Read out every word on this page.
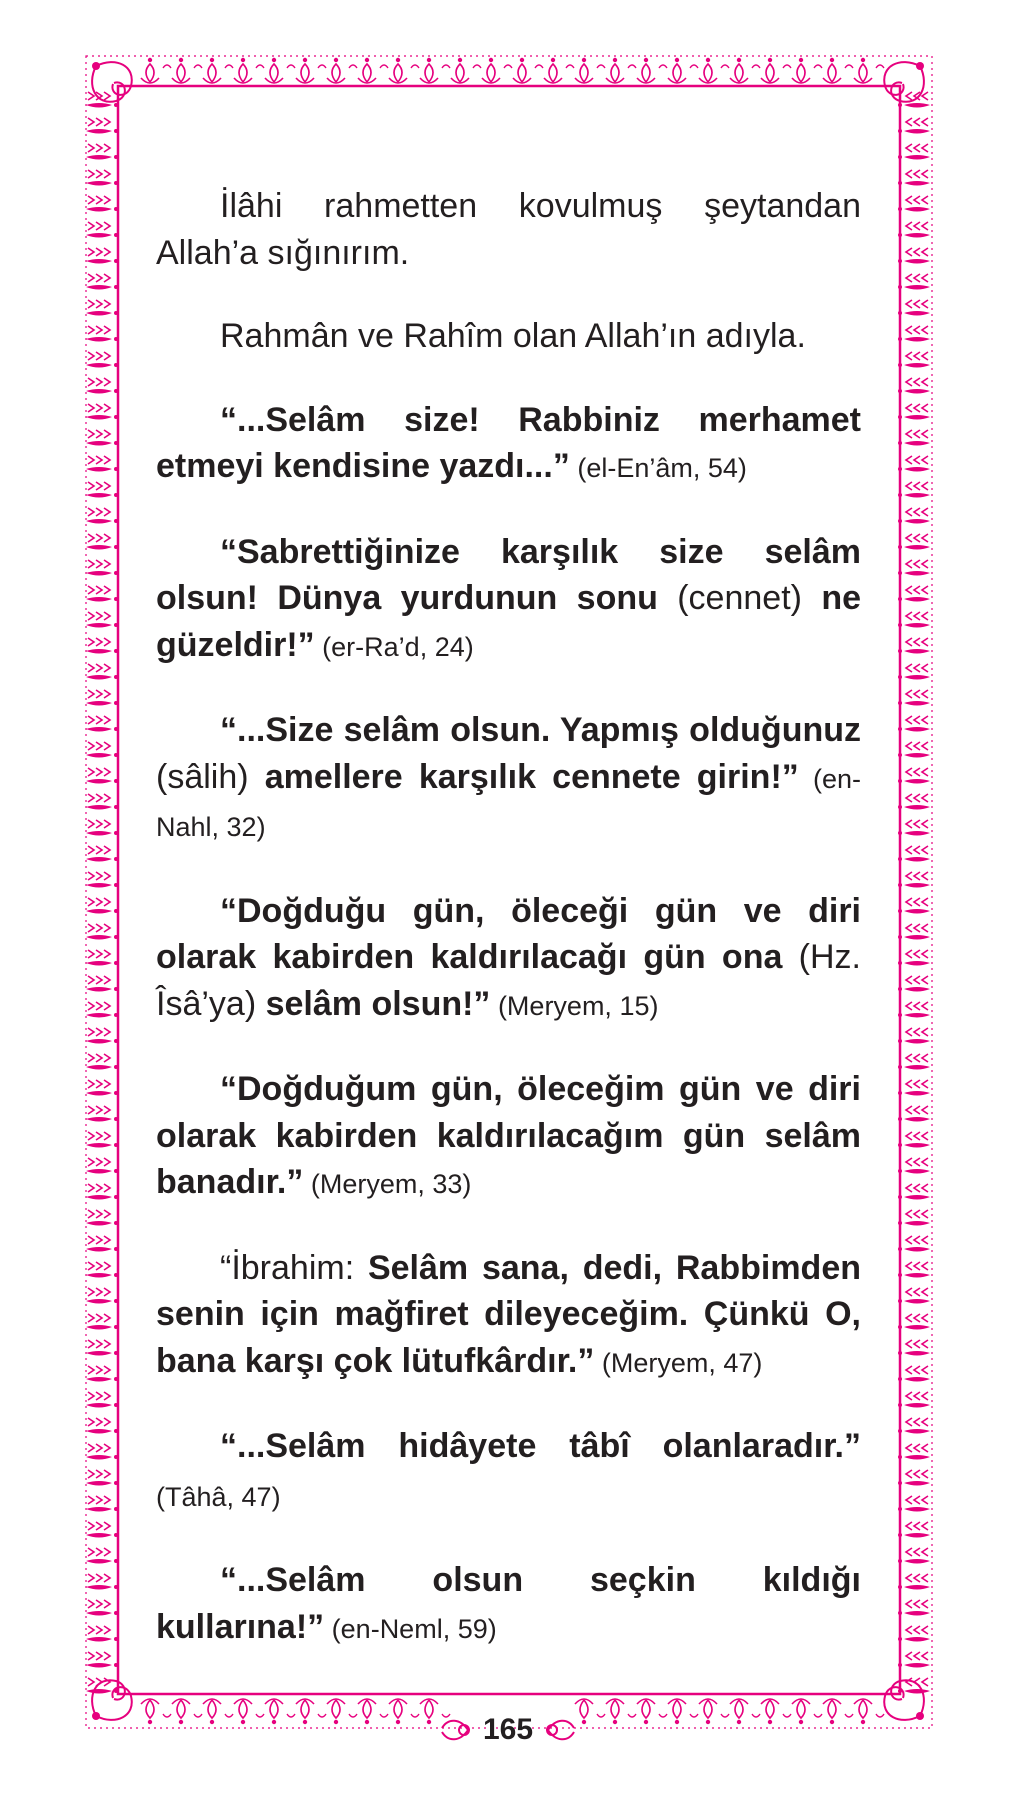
İlâhi rahmetten kovulmuş şeytandan Allah’a sığınırım.

Rahmân ve Rahîm olan Allah’ın adıyla.

“...Selâm size! Rabbiniz merhamet etmeyi kendisine yazdı...” (el-En’âm, 54)

“Sabrettiğinize karşılık size selâm olsun! Dünya yurdunun sonu (cennet) ne güzeldir!” (er-Ra’d, 24)

“...Size selâm olsun. Yapmış olduğunuz (sâlih) amellere karşılık cennete girin!” (en-Nahl, 32)

“Doğduğu gün, öleceği gün ve diri olarak kabirden kaldırılacağı gün ona (Hz. Îsâ’ya) selâm olsun!” (Meryem, 15)

“Doğduğum gün, öleceğim gün ve diri olarak kabirden kaldırılacağım gün selâm banadır.” (Meryem, 33)

“İbrahim: Selâm sana, dedi, Rabbimden senin için mağfiret dileyeceğim. Çünkü O, bana karşı çok lütufkârdır.” (Meryem, 47)

“...Selâm hidâyete tâbî olanlaradır.” (Tâhâ, 47)

“...Selâm olsun seçkin kıldığı kullarına!” (en-Neml, 59)

165
